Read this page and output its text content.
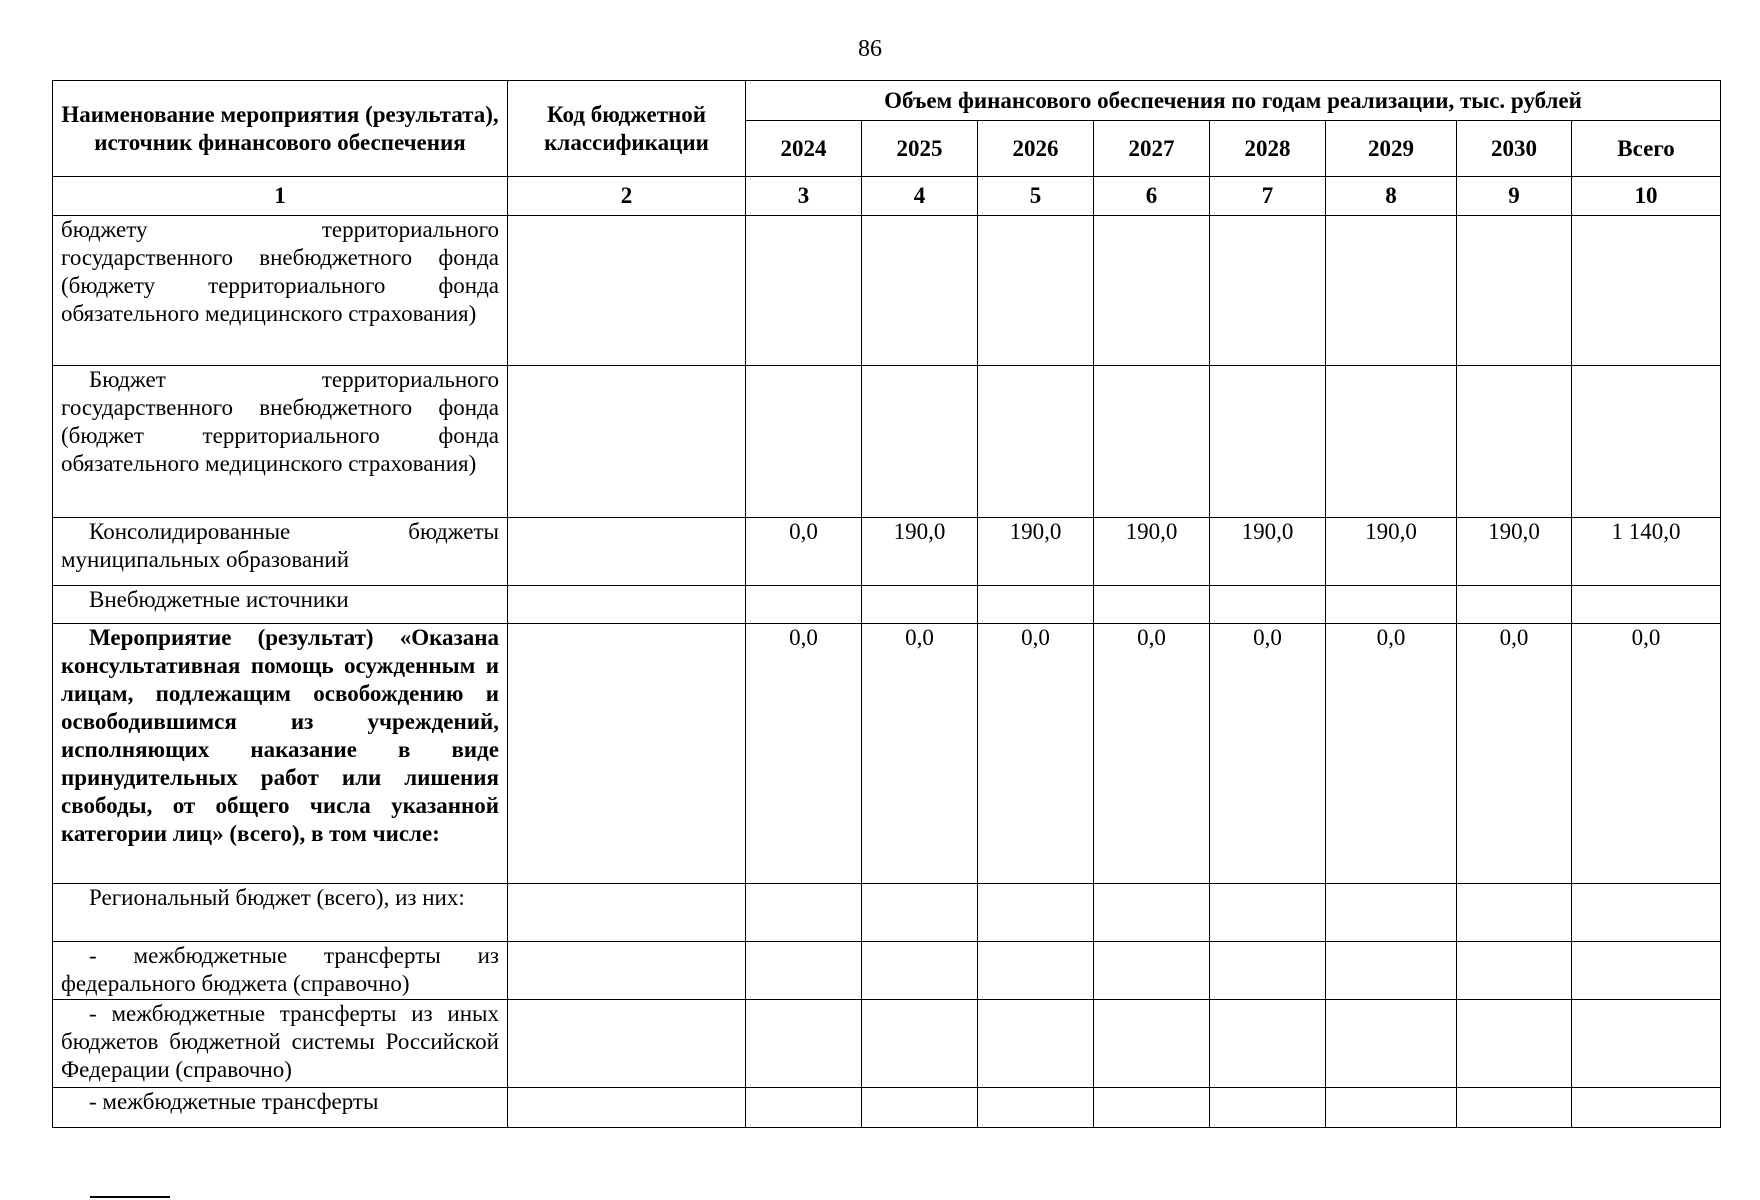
86
Наименование мероприятия (результата), источник финансового обеспечения	Код бюджетной классификации	Объем финансового обеспечения по годам реализации, тыс. рублей							
		2024	2025	2026	2027	2028	2029	2030	Всего
1	2	3	4	5	6	7	8	9	10
бюджету территориального государственного внебюджетного фонда (бюджету территориального фонда обязательного медицинского страхования)									
Бюджет территориального государственного внебюджетного фонда (бюджет территориального фонда обязательного медицинского страхования)									
Консолидированные бюджеты муниципальных образований		0,0	190,0	190,0	190,0	190,0	190,0	190,0	1 140,0
Внебюджетные источники									
Мероприятие (результат) «Оказана консультативная помощь осужденным и лицам, подлежащим освобождению и освободившимся из учреждений, исполняющих наказание в виде принудительных работ или лишения свободы, от общего числа указанной категории лиц» (всего), в том числе:		0,0	0,0	0,0	0,0	0,0	0,0	0,0	0,0
Региональный бюджет (всего), из них:									
- межбюджетные трансферты из федерального бюджета (справочно)									
- межбюджетные трансферты из иных бюджетов бюджетной системы Российской Федерации (справочно)									
- межбюджетные трансферты									
